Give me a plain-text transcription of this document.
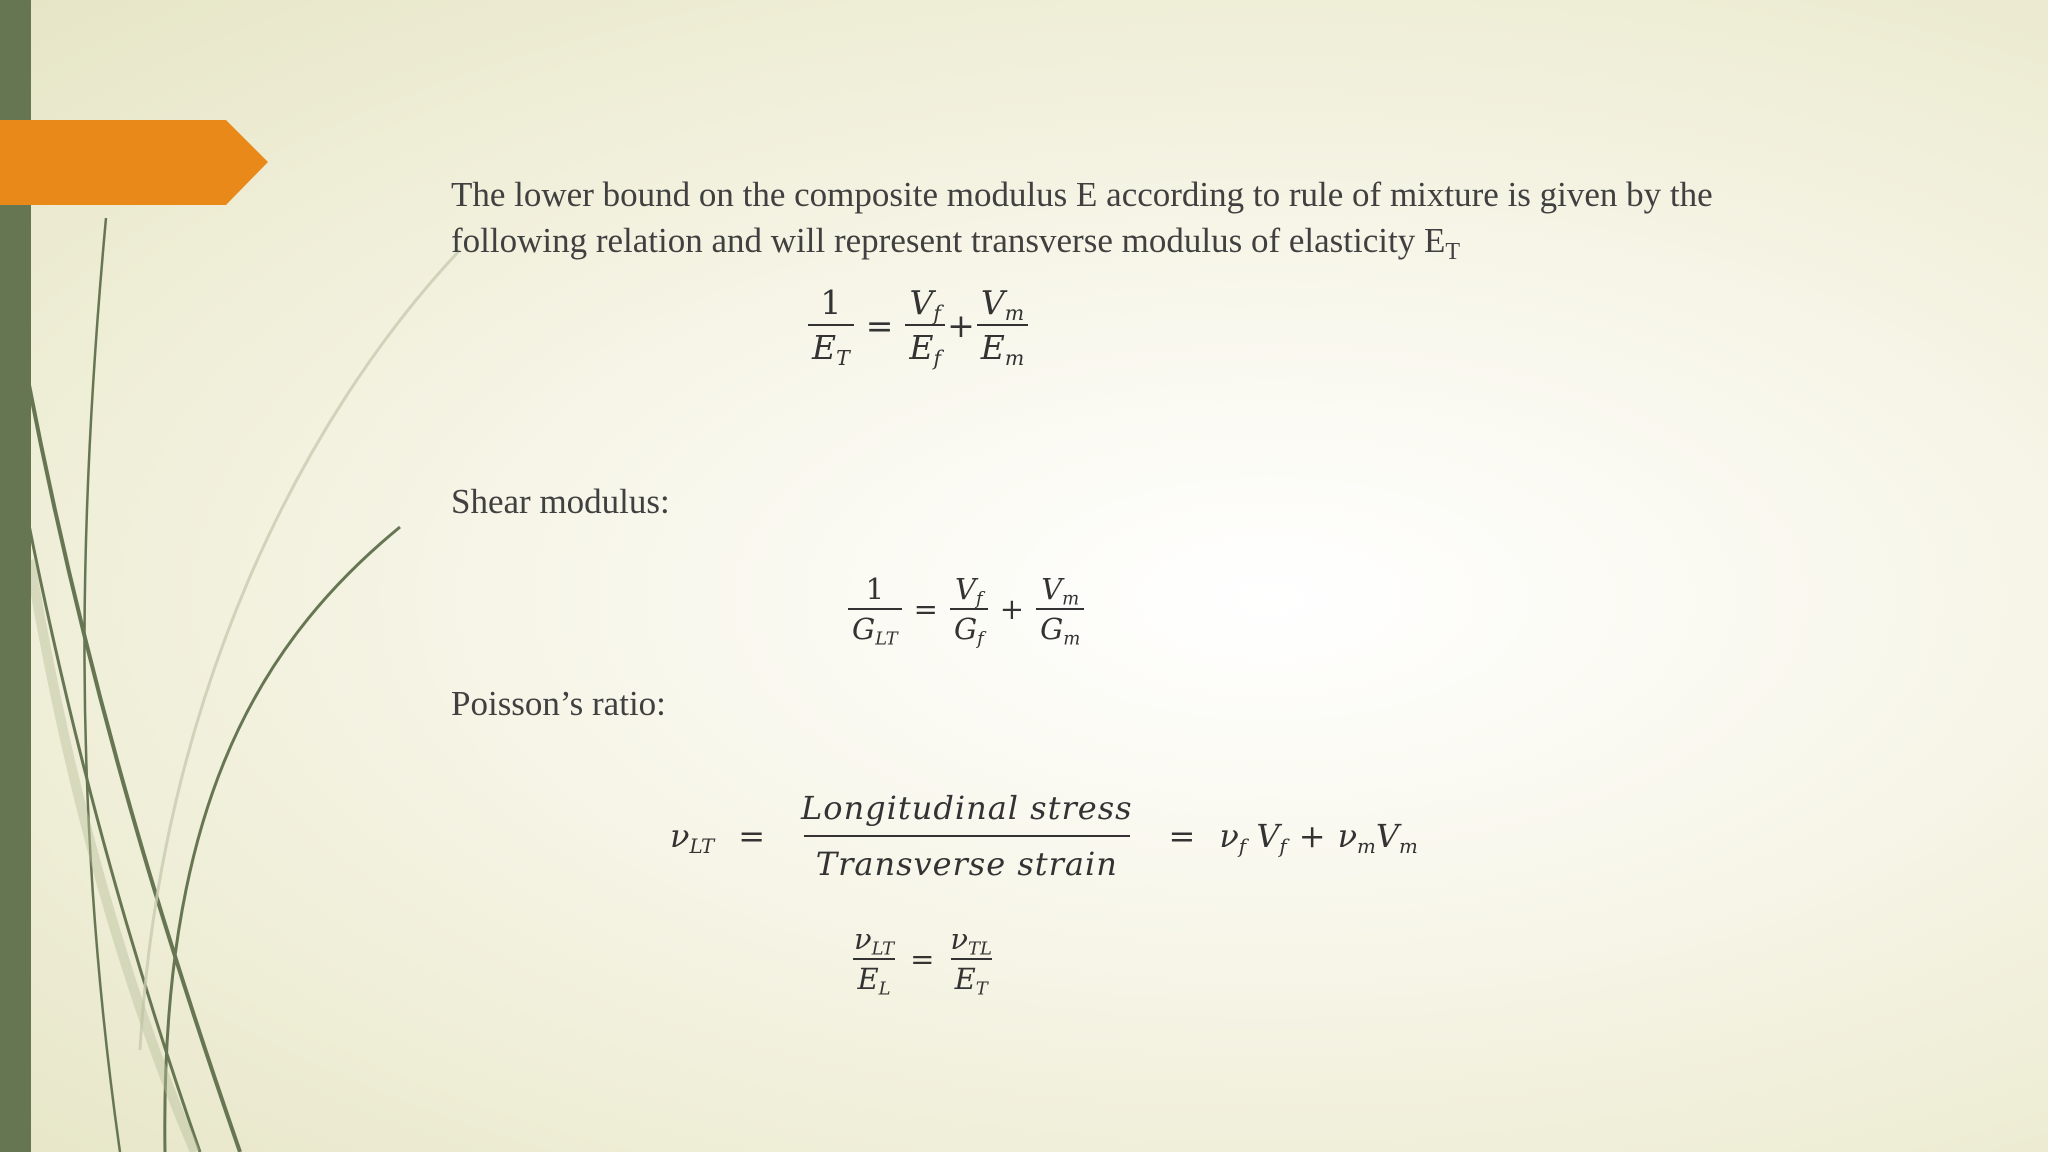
The lower bound on the composite modulus E according to rule of mixture is given by the
following relation and will represent transverse modulus of elasticity $E_T$

$\frac{1}{E_T} = \frac{V_f}{E_f} + \frac{V_m}{E_m}$

Shear modulus:

$\frac{1}{G_{LT}} = \frac{V_f}{G_f} + \frac{V_m}{G_m}$

Poisson’s ratio:

$\nu_{LT} = \frac{\text{Longitudinal stress}}{\text{Transverse strain}} = \nu_f$ $V_f + \nu_mV_m$
$\frac{\nu_{LT}}{E_L} = \frac{\nu_{TL}}{E_T}$
